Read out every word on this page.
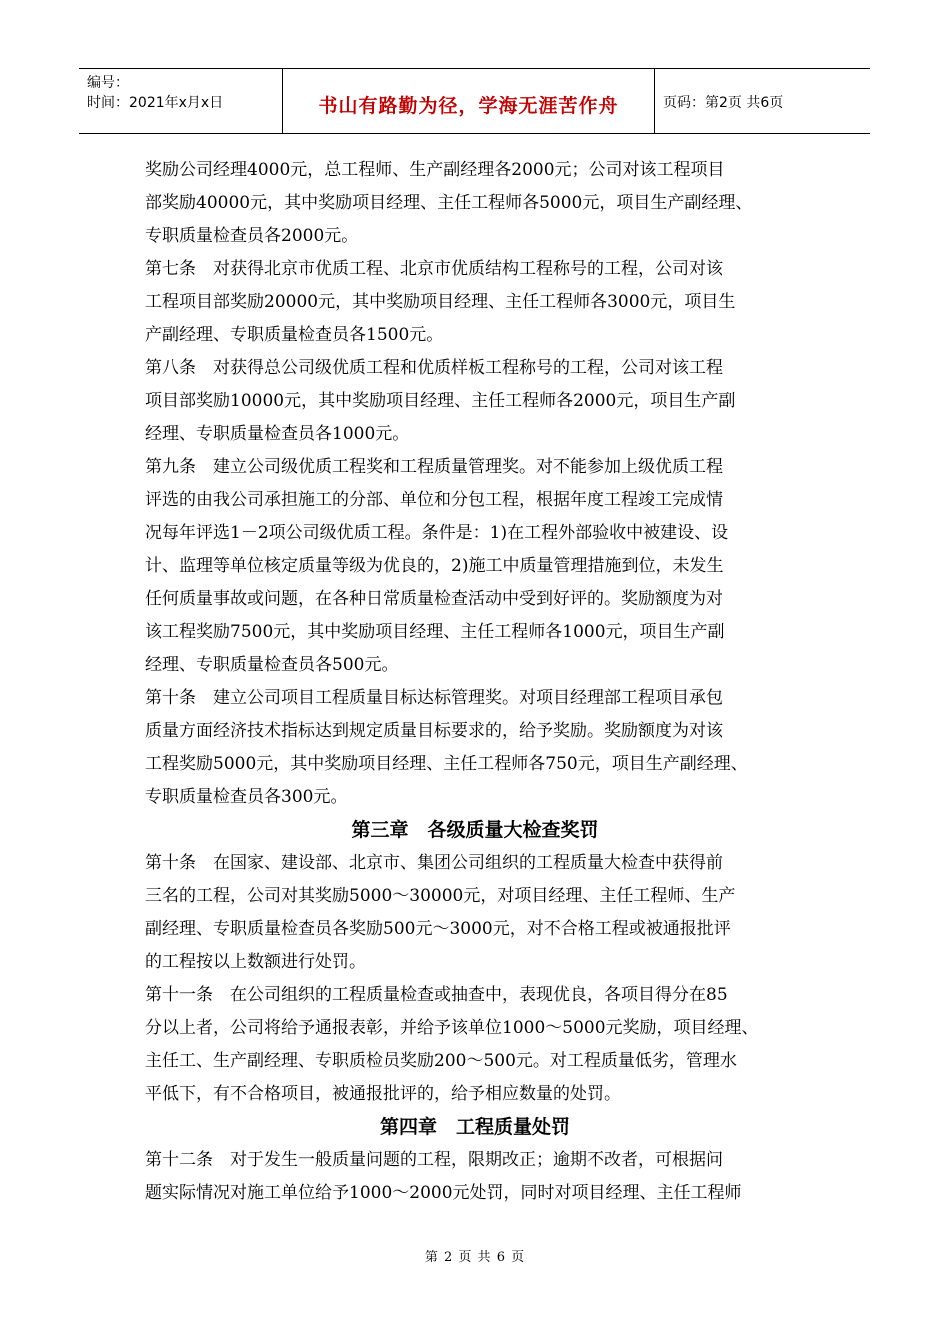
编号：
时间：2021年x月x日	书山有路勤为径，学海无涯苦作舟	页码：第2页 共6页
奖励公司经理4000元，总工程师、生产副经理各2000元；公司对该工程项目
部奖励40000元，其中奖励项目经理、主任工程师各5000元，项目生产副经理、
专职质量检查员各2000元。
第七条　对获得北京市优质工程、北京市优质结构工程称号的工程，公司对该
工程项目部奖励20000元，其中奖励项目经理、主任工程师各3000元，项目生
产副经理、专职质量检查员各1500元。
第八条　对获得总公司级优质工程和优质样板工程称号的工程，公司对该工程
项目部奖励10000元，其中奖励项目经理、主任工程师各2000元，项目生产副
经理、专职质量检查员各1000元。
第九条　建立公司级优质工程奖和工程质量管理奖。对不能参加上级优质工程
评选的由我公司承担施工的分部、单位和分包工程，根据年度工程竣工完成情
况每年评选1－2项公司级优质工程。条件是：1)在工程外部验收中被建设、设
计、监理等单位核定质量等级为优良的，2)施工中质量管理措施到位，未发生
任何质量事故或问题，在各种日常质量检查活动中受到好评的。奖励额度为对
该工程奖励7500元，其中奖励项目经理、主任工程师各1000元，项目生产副
经理、专职质量检查员各500元。
第十条　建立公司项目工程质量目标达标管理奖。对项目经理部工程项目承包
质量方面经济技术指标达到规定质量目标要求的，给予奖励。奖励额度为对该
工程奖励5000元，其中奖励项目经理、主任工程师各750元，项目生产副经理、
专职质量检查员各300元。
第三章　各级质量大检查奖罚
第十条　在国家、建设部、北京市、集团公司组织的工程质量大检查中获得前
三名的工程，公司对其奖励5000～30000元，对项目经理、主任工程师、生产
副经理、专职质量检查员各奖励500元～3000元，对不合格工程或被通报批评
的工程按以上数额进行处罚。
第十一条　在公司组织的工程质量检查或抽查中，表现优良，各项目得分在85
分以上者，公司将给予通报表彰，并给予该单位1000～5000元奖励，项目经理、
主任工、生产副经理、专职质检员奖励200～500元。对工程质量低劣，管理水
平低下，有不合格项目，被通报批评的，给予相应数量的处罚。
第四章　工程质量处罚
第十二条　对于发生一般质量问题的工程，限期改正；逾期不改者，可根据问
题实际情况对施工单位给予1000～2000元处罚，同时对项目经理、主任工程师
第 2 页 共 6 页
